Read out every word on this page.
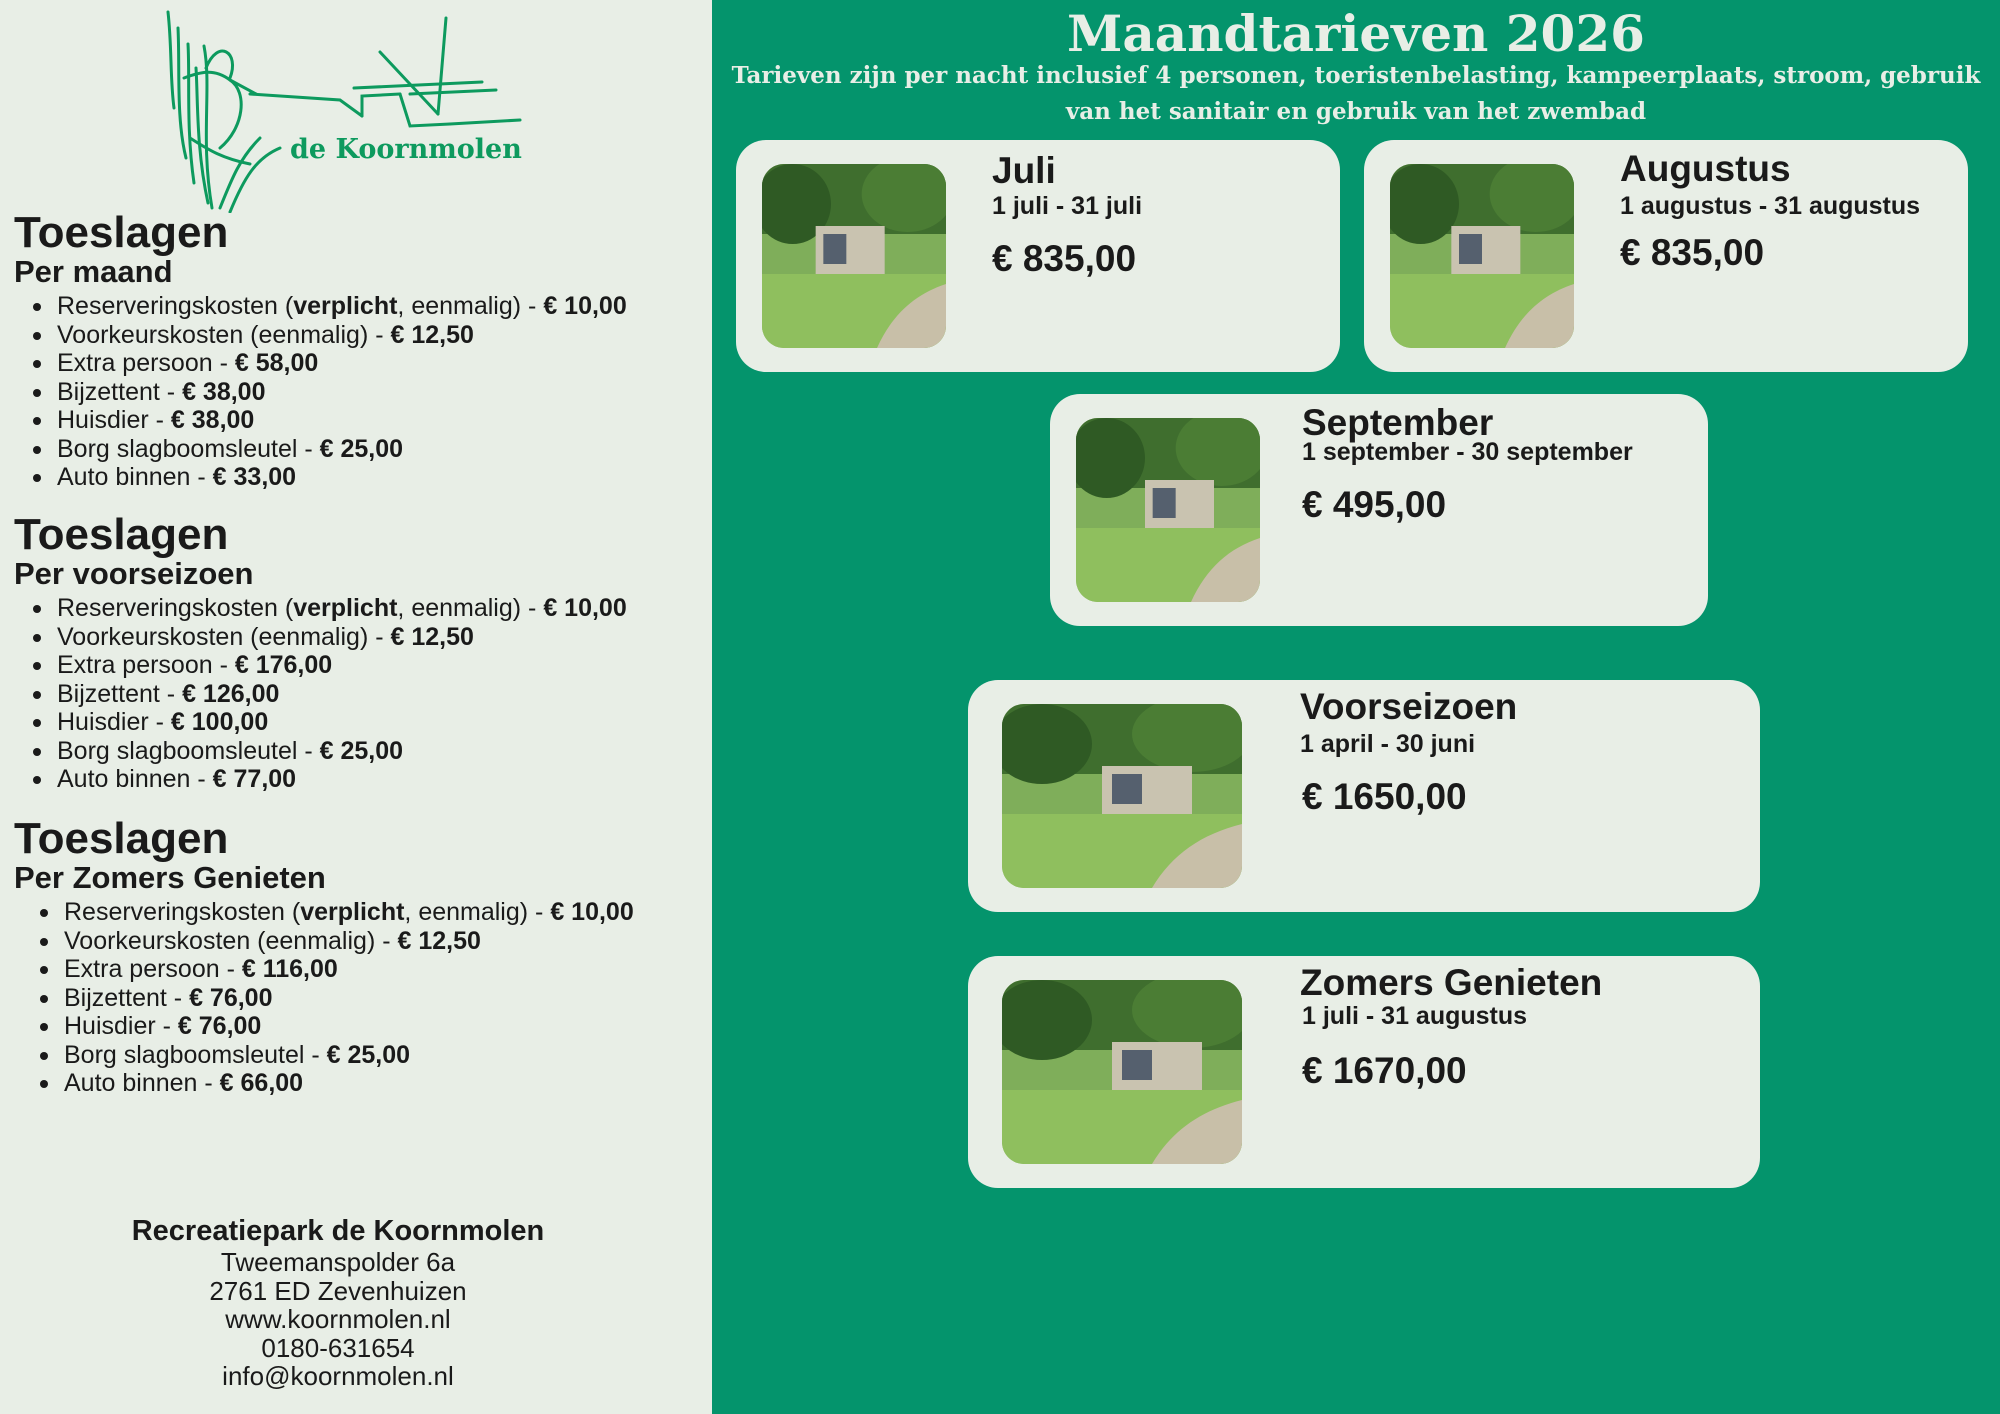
de Koornmolen
Toeslagen
Per maand
Reserveringskosten (verplicht, eenmalig) - € 10,00
Voorkeurskosten (eenmalig) - € 12,50
Extra persoon - € 58,00
Bijzettent - € 38,00
Huisdier - € 38,00
Borg slagboomsleutel - € 25,00
Auto binnen - € 33,00
Toeslagen
Per voorseizoen
Reserveringskosten (verplicht, eenmalig) - € 10,00
Voorkeurskosten (eenmalig) - € 12,50
Extra persoon - € 176,00
Bijzettent - € 126,00
Huisdier - € 100,00
Borg slagboomsleutel - € 25,00
Auto binnen - € 77,00
Toeslagen
Per Zomers Genieten
Reserveringskosten (verplicht, eenmalig) - € 10,00
Voorkeurskosten (eenmalig) - € 12,50
Extra persoon - € 116,00
Bijzettent - € 76,00
Huisdier - € 76,00
Borg slagboomsleutel - € 25,00
Auto binnen - € 66,00
Recreatiepark de Koornmolen
Tweemanspolder 6a
2761 ED Zevenhuizen
www.koornmolen.nl
0180-631654
info@koornmolen.nl
Maandtarieven 2026
Tarieven zijn per nacht inclusief 4 personen, toeristenbelasting, kampeerplaats, stroom, gebruik van het sanitair en gebruik van het zwembad
Juli
1 juli - 31 juli
€ 835,00
Augustus
1 augustus - 31 augustus
€ 835,00
September
1 september - 30 september
€ 495,00
Voorseizoen
1 april - 30 juni
€ 1650,00
Zomers Genieten
1 juli - 31 augustus
€ 1670,00
